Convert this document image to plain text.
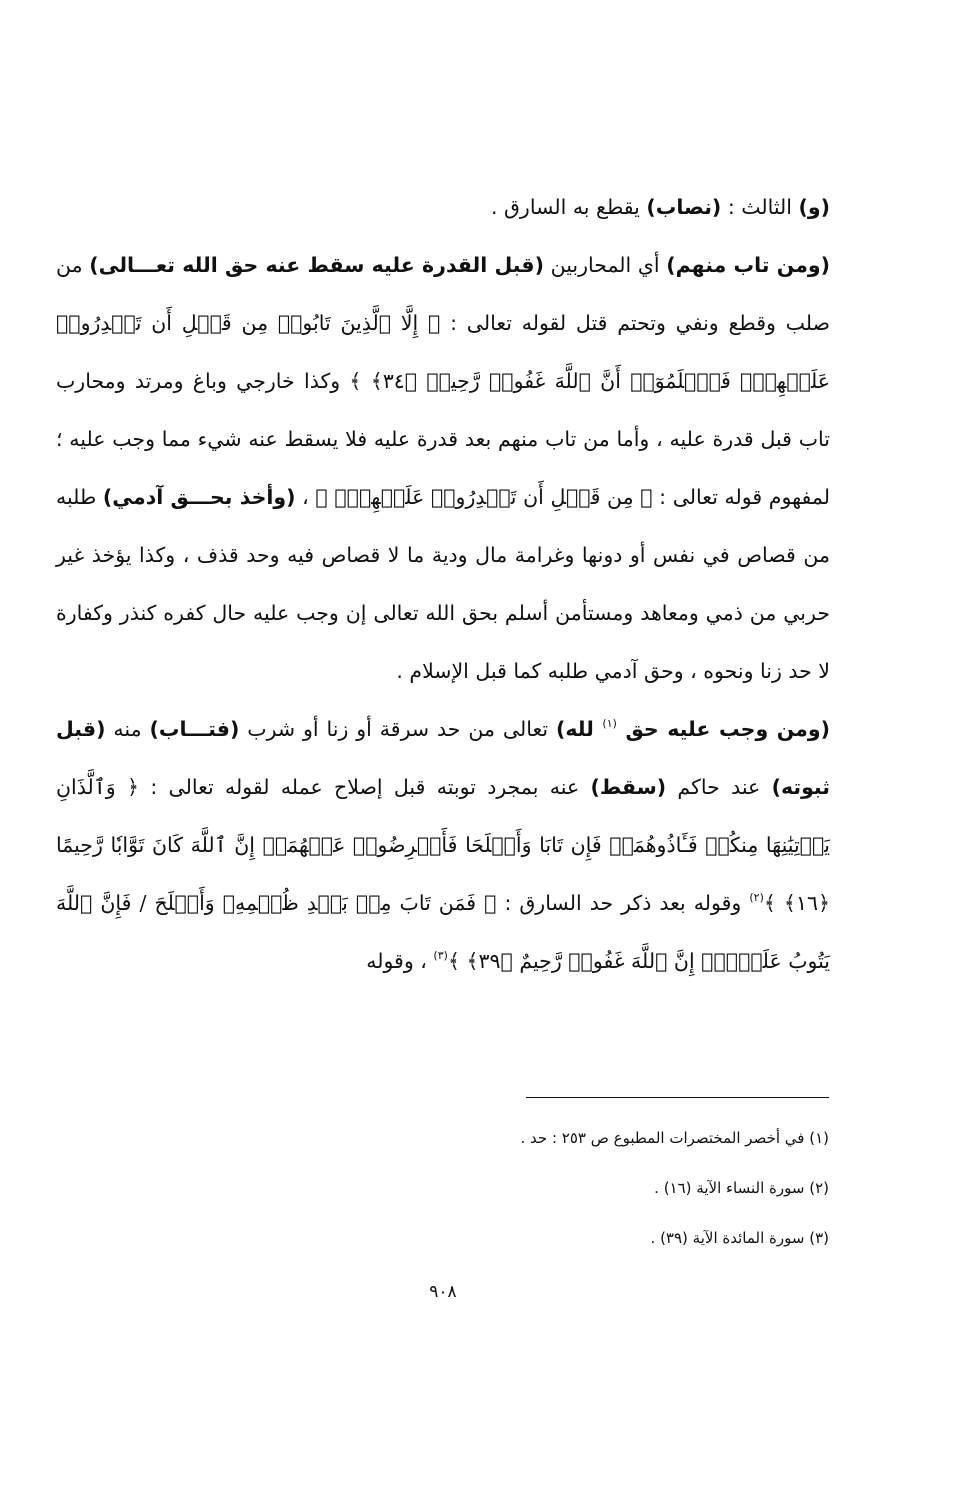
(و) الثالث : (نصاب) يقطع به السارق .

(ومن تاب منهم) أي المحاربين (قبل القدرة عليه سقط عنه حق الله تعـــالى) من صلب وقطع ونفي وتحتم قتل لقوله تعالى : ﴿ إِلَّا ٱلَّذِينَ تَابُوا۟ مِن قَبۡلِ أَن تَقۡدِرُوا۟ عَلَيۡهِمۡۖ فَٱعۡلَمُوٓا۟ أَنَّ ٱللَّهَ غَفُورٞ رَّحِيمٞ ﴿٣٤﴾ ﴾ وكذا خارجي وباغ ومرتد ومحارب تاب قبل قدرة عليه ، وأما من تاب منهم بعد قدرة عليه فلا يسقط عنه شيء مما وجب عليه ؛ لمفهوم قوله تعالى : ﴿ مِن قَبۡلِ أَن تَقۡدِرُوا۟ عَلَيۡهِمۡۖ ﴾ ، (وأخذ بحـــق آدمي) طلبه من قصاص في نفس أو دونها وغرامة مال ودية ما لا قصاص فيه وحد قذف ، وكذا يؤخذ غير حربي من ذمي ومعاهد ومستأمن أسلم بحق الله تعالى إن وجب عليه حال كفره كنذر وكفارة لا حد زنا ونحوه ، وحق آدمي طلبه كما قبل الإسلام .

(ومن وجب عليه حق $^{(١)}$ لله) تعالى من حد سرقة أو زنا أو شرب (فتـــاب) منه (قبل ثبوته) عند حاكم (سقط) عنه بمجرد توبته قبل إصلاح عمله لقوله تعالى : ﴿ وَٱلَّذَانِ يَأۡتِيَٰنِهَا مِنكُمۡ فَـَٔاذُوهُمَاۖ فَإِن تَابَا وَأَصۡلَحَا فَأَعۡرِضُوا۟ عَنۡهُمَآۗ إِنَّ ٱللَّهَ كَانَ تَوَّابٗا رَّحِيمًا ﴿١٦﴾ ﴾$^{(٢)}$ وقوله بعد ذكر حد السارق : ﴿ فَمَن تَابَ مِنۢ بَعۡدِ ظُلۡمِهِۦ وَأَصۡلَحَ / فَإِنَّ ٱللَّهَ يَتُوبُ عَلَيۡهِۚ إِنَّ ٱللَّهَ غَفُورٞ رَّحِيمٌ ﴿٣٩﴾ ﴾$^{(٣)}$ ، وقوله

(١) في أخصر المختصرات المطبوع ص ٢٥٣ : حد .
(٢) سورة النساء الآية (١٦) .
(٣) سورة المائدة الآية (٣٩) .
٩٠٨
